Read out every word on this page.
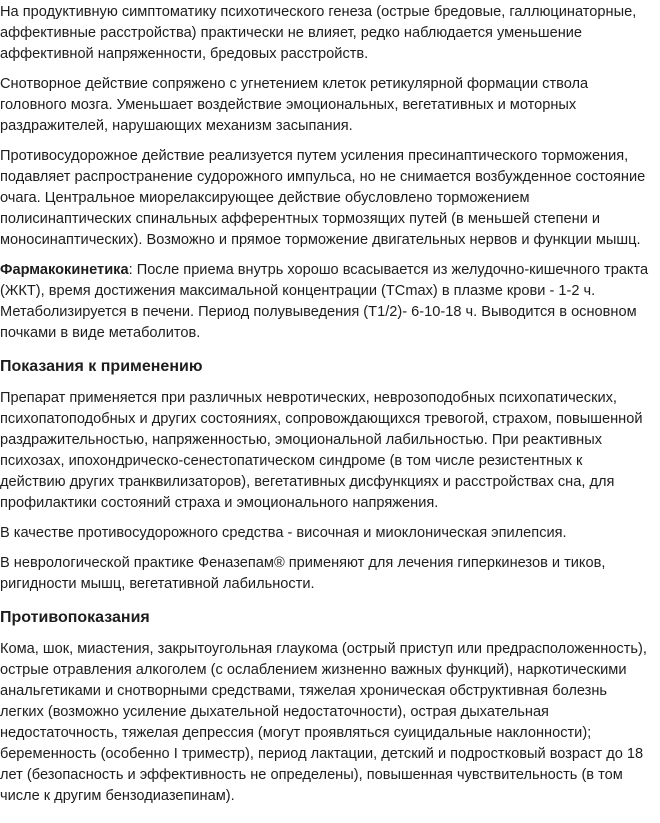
На продуктивную симптоматику психотического генеза (острые бредовые, галлюцинаторные, аффективные расстройства) практически не влияет, редко наблюдается уменьшение аффективной напряженности, бредовых расстройств.

Снотворное действие сопряжено с угнетением клеток ретикулярной формации ствола головного мозга. Уменьшает воздействие эмоциональных, вегетативных и моторных раздражителей, нарушающих механизм засыпания.

Противосудорожное действие реализуется путем усиления пресинаптического торможения, подавляет распространение судорожного импульса, но не снимается возбужденное состояние очага. Центральное миорелаксирующее действие обусловлено торможением полисинаптических спинальных афферентных тормозящих путей (в меньшей степени и моносинаптических). Возможно и прямое торможение двигательных нервов и функции мышц.

Фармакокинетика: После приема внутрь хорошо всасывается из желудочно-кишечного тракта (ЖКТ), время достижения максимальной концентрации (TCmax) в плазме крови - 1-2 ч. Метаболизируется в печени. Период полувыведения (Т1/2)- 6-10-18 ч. Выводится в основном почками в виде метаболитов.

Показания к применению

Препарат применяется при различных невротических, неврозоподобных психопатических, психопатоподобных и других состояниях, сопровождающихся тревогой, страхом, повышенной раздражительностью, напряженностью, эмоциональной лабильностью. При реактивных психозах, ипохондрическо-сенестопатическом синдроме (в том числе резистентных к действию других транквилизаторов), вегетативных дисфункциях и расстройствах сна, для профилактики состояний страха и эмоционального напряжения.

В качестве противосудорожного средства - височная и миоклоническая эпилепсия.

В неврологической практике Феназепам® применяют для лечения гиперкинезов и тиков, ригидности мышц, вегетативной лабильности.

Противопоказания

Кома, шок, миастения, закрытоугольная глаукома (острый приступ или предрасположенность), острые отравления алкоголем (с ослаблением жизненно важных функций), наркотическими анальгетиками и снотворными средствами, тяжелая хроническая обструктивная болезнь легких (возможно усиление дыхательной недостаточности), острая дыхательная недостаточность, тяжелая депрессия (могут проявляться суицидальные наклонности); беременность (особенно I триместр), период лактации, детский и подростковый возраст до 18 лет (безопасность и эффективность не определены), повышенная чувствительность (в том числе к другим бензодиазепинам).
